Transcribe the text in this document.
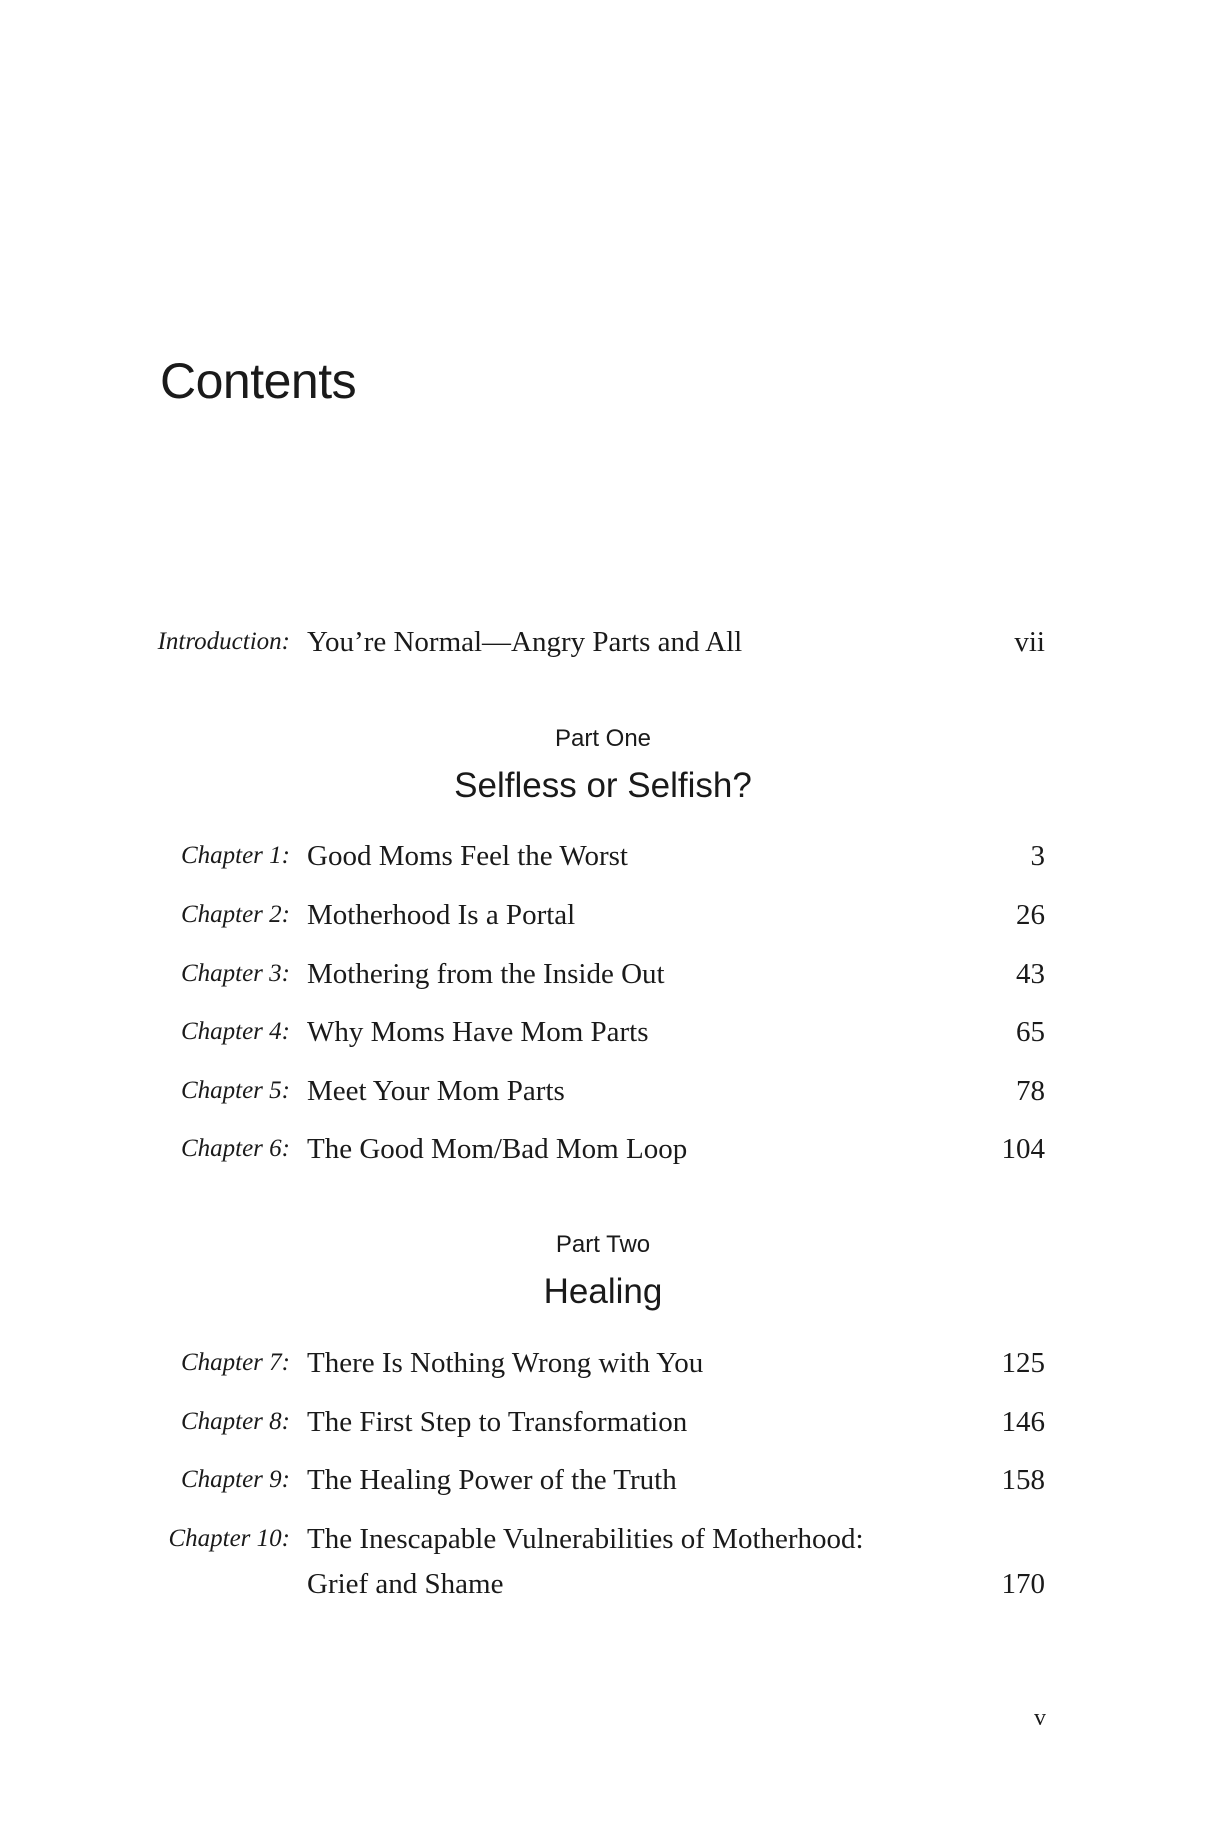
Contents
Introduction: You’re Normal—Angry Parts and All	vii
Part One
Selfless or Selfish?
Chapter 1: Good Moms Feel the Worst	3
Chapter 2: Motherhood Is a Portal	26
Chapter 3: Mothering from the Inside Out	43
Chapter 4: Why Moms Have Mom Parts	65
Chapter 5: Meet Your Mom Parts	78
Chapter 6: The Good Mom/Bad Mom Loop	104
Part Two
Healing
Chapter 7: There Is Nothing Wrong with You	125
Chapter 8: The First Step to Transformation	146
Chapter 9: The Healing Power of the Truth	158
Chapter 10: The Inescapable Vulnerabilities of Motherhood:
Grief and Shame	170
v
